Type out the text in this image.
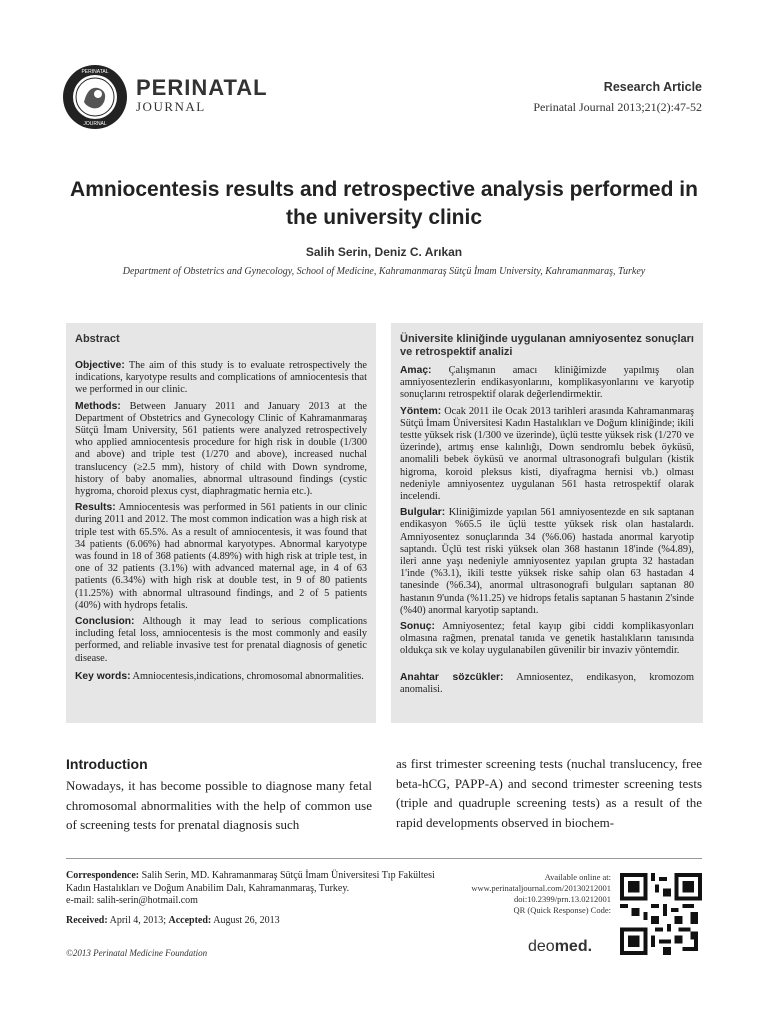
PERINATAL
JOURNAL
PERINATAL
JOURNAL
Research Article
Perinatal Journal 2013;21(2):47-52
Amniocentesis results and retrospective analysis performed in the university clinic
Salih Serin, Deniz C. Arıkan
Department of Obstetrics and Gynecology, School of Medicine, Kahramanmaraş Sütçü İmam University, Kahramanmaraş, Turkey
Abstract

Objective: The aim of this study is to evaluate retrospectively the indications, karyotype results and complications of amniocentesis that we performed in our clinic.

Methods: Between January 2011 and January 2013 at the Department of Obstetrics and Gynecology Clinic of Kahramanmaraş Sütçü İmam University, 561 patients were analyzed retrospectively who applied amniocentesis procedure for high risk in double (1/300 and above) and triple test (1/270 and above), increased nuchal translucency (≥2.5 mm), history of child with Down syndrome, history of baby anomalies, abnormal ultrasound findings (cystic hygroma, choroid plexus cyst, diaphragmatic hernia etc.).

Results: Amniocentesis was performed in 561 patients in our clinic during 2011 and 2012. The most common indication was a high risk at triple test with 65.5%. As a result of amniocentesis, it was found that 34 patients (6.06%) had abnormal karyotypes. Abnormal karyotype was found in 18 of 368 patients (4.89%) with high risk at triple test, in one of 32 patients (3.1%) with advanced maternal age, in 4 of 63 patients (6.34%) with high risk at double test, in 9 of 80 patients (11.25%) with abnormal ultrasound findings, and 2 of 5 patients (40%) with hydrops fetalis.

Conclusion: Although it may lead to serious complications including fetal loss, amniocentesis is the most commonly and easily performed, and reliable invasive test for prenatal diagnosis of genetic disease.

Key words: Amniocentesis,indications, chromosomal abnormalities.

Üniversite kliniğinde uygulanan amniyosentez sonuçları ve retrospektif analizi

Amaç: Çalışmanın amacı kliniğimizde yapılmış olan amniyosentezlerin endikasyonlarını, komplikasyonlarını ve karyotip sonuçlarını retrospektif olarak değerlendirmektir.

Yöntem: Ocak 2011 ile Ocak 2013 tarihleri arasında Kahramanmaraş Sütçü İmam Üniversitesi Kadın Hastalıkları ve Doğum kliniğinde; ikili testte yüksek risk (1/300 ve üzerinde), üçlü testte yüksek risk (1/270 ve üzerinde), artmış ense kalınlığı, Down sendromlu bebek öyküsü, anomalili bebek öyküsü ve anormal ultrasonografi bulguları (kistik higroma, koroid pleksus kisti, diyafragma hernisi vb.) olması nedeniyle amniyosentez uygulanan 561 hasta retrospektif olarak incelendi.

Bulgular: Kliniğimizde yapılan 561 amniyosentezde en sık saptanan endikasyon %65.5 ile üçlü testte yüksek risk olan hastalardı. Amniyosentez sonuçlarında 34 (%6.06) hastada anormal karyotip saptandı. Üçlü test riski yüksek olan 368 hastanın 18'inde (%4.89), ileri anne yaşı nedeniyle amniyosentez yapılan grupta 32 hastadan 1'inde (%3.1), ikili testte yüksek riske sahip olan 63 hastadan 4 tanesinde (%6.34), anormal ultrasonografi bulguları saptanan 80 hastanın 9'unda (%11.25) ve hidrops fetalis saptanan 5 hastanın 2'sinde (%40) anormal karyotip saptandı.

Sonuç: Amniyosentez; fetal kayıp gibi ciddi komplikasyonları olmasına rağmen, prenatal tanıda ve genetik hastalıkların tanısında oldukça sık ve kolay uygulanabilen güvenilir bir invaziv yöntemdir.

Anahtar sözcükler: Amniosentez, endikasyon, kromozom anomalisi.

Introduction
Nowadays, it has become possible to diagnose many fetal chromosomal abnormalities with the help of common use of screening tests for prenatal diagnosis such
as first trimester screening tests (nuchal translucency, free beta-hCG, PAPP-A) and second trimester screening tests (triple and quadruple screening tests) as a result of the rapid developments observed in biochem-

Correspondence: Salih Serin, MD. Kahramanmaraş Sütçü İmam Üniversitesi Tıp Fakültesi Kadın Hastalıkları ve Doğum Anabilim Dalı, Kahramanmaraş, Turkey.

e-mail: salih-serin@hotmail.com

Received: April 4, 2013; Accepted: August 26, 2013
©2013 Perinatal Medicine Foundation
Available online at:
www.perinataljournal.com/20130212001
doi:10.2399/prn.13.0212001
QR (Quick Response) Code:
deomed.
